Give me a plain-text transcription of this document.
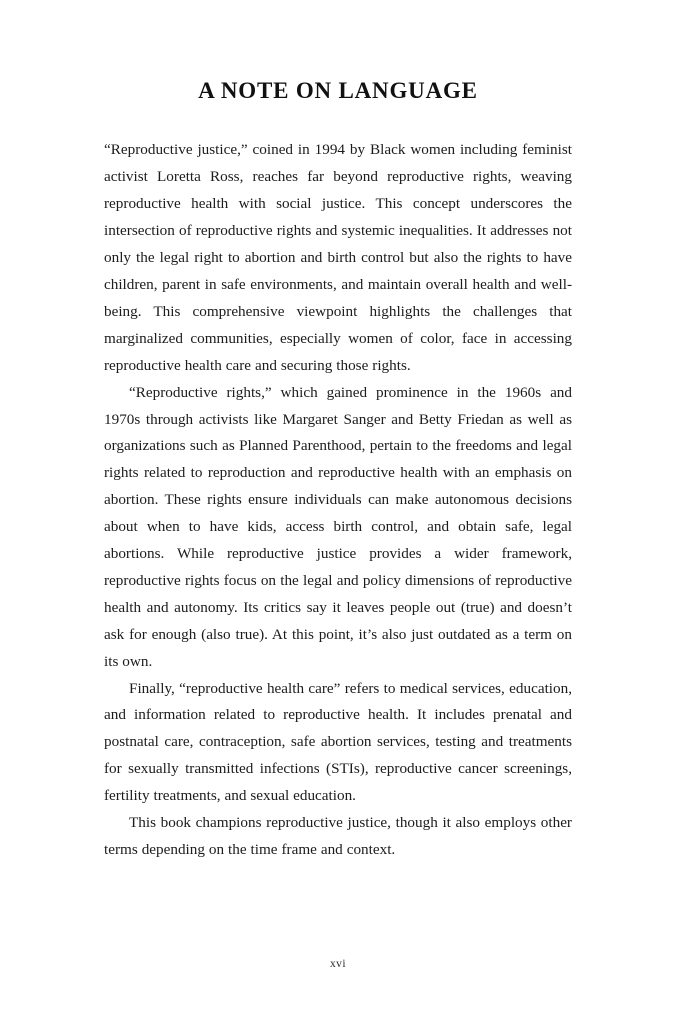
A NOTE ON LANGUAGE

“Reproductive justice,” coined in 1994 by Black women including feminist activist Loretta Ross, reaches far beyond reproductive rights, weaving reproductive health with social justice. This concept underscores the intersection of reproductive rights and systemic inequalities. It addresses not only the legal right to abortion and birth control but also the rights to have children, parent in safe environments, and maintain overall health and well-being. This comprehensive viewpoint highlights the challenges that marginalized communities, especially women of color, face in accessing reproductive health care and securing those rights.

“Reproductive rights,” which gained prominence in the 1960s and 1970s through activists like Margaret Sanger and Betty Friedan as well as organizations such as Planned Parenthood, pertain to the freedoms and legal rights related to reproduction and reproductive health with an emphasis on abortion. These rights ensure individuals can make autonomous decisions about when to have kids, access birth control, and obtain safe, legal abortions. While reproductive justice provides a wider framework, reproductive rights focus on the legal and policy dimensions of reproductive health and autonomy. Its critics say it leaves people out (true) and doesn’t ask for enough (also true). At this point, it’s also just outdated as a term on its own.

Finally, “reproductive health care” refers to medical services, education, and information related to reproductive health. It includes prenatal and postnatal care, contraception, safe abortion services, testing and treatments for sexually transmitted infections (STIs), reproductive cancer screenings, fertility treatments, and sexual education.

This book champions reproductive justice, though it also employs other terms depending on the time frame and context.

xvi
